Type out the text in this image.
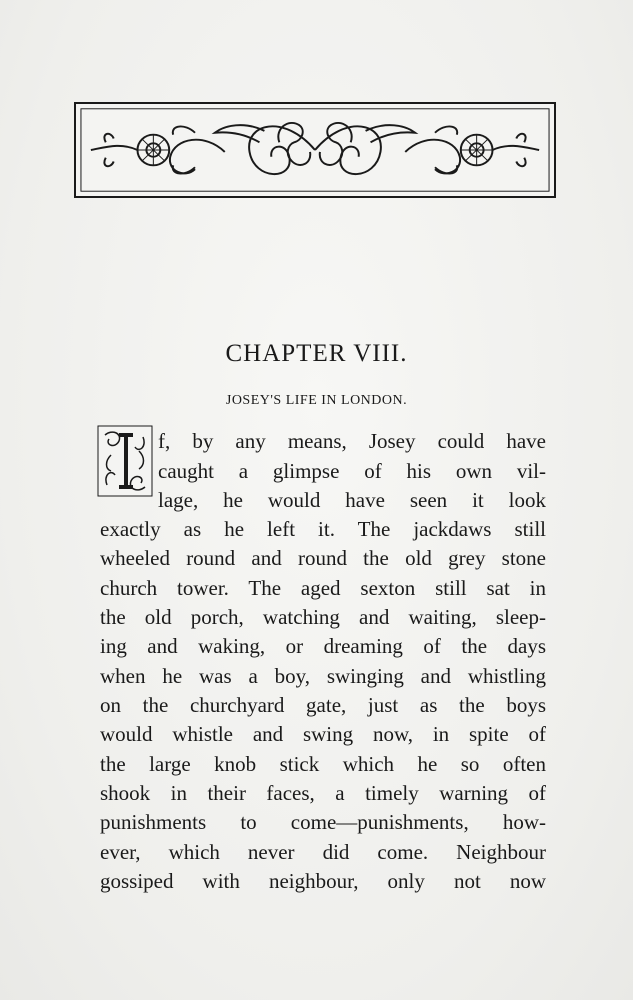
CHAPTER VIII.
JOSEY'S LIFE IN LONDON.
f, by any means, Josey could have
caught a glimpse of his own vil-
lage, he would have seen it look
exactly as he left it. The jackdaws still
wheeled round and round the old grey stone
church tower. The aged sexton still sat in
the old porch, watching and waiting, sleep-
ing and waking, or dreaming of the days
when he was a boy, swinging and whistling
on the churchyard gate, just as the boys
would whistle and swing now, in spite of
the large knob stick which he so often
shook in their faces, a timely warning of
punishments to come—punishments, how-
ever, which never did come. Neighbour
gossiped with neighbour, only not now
